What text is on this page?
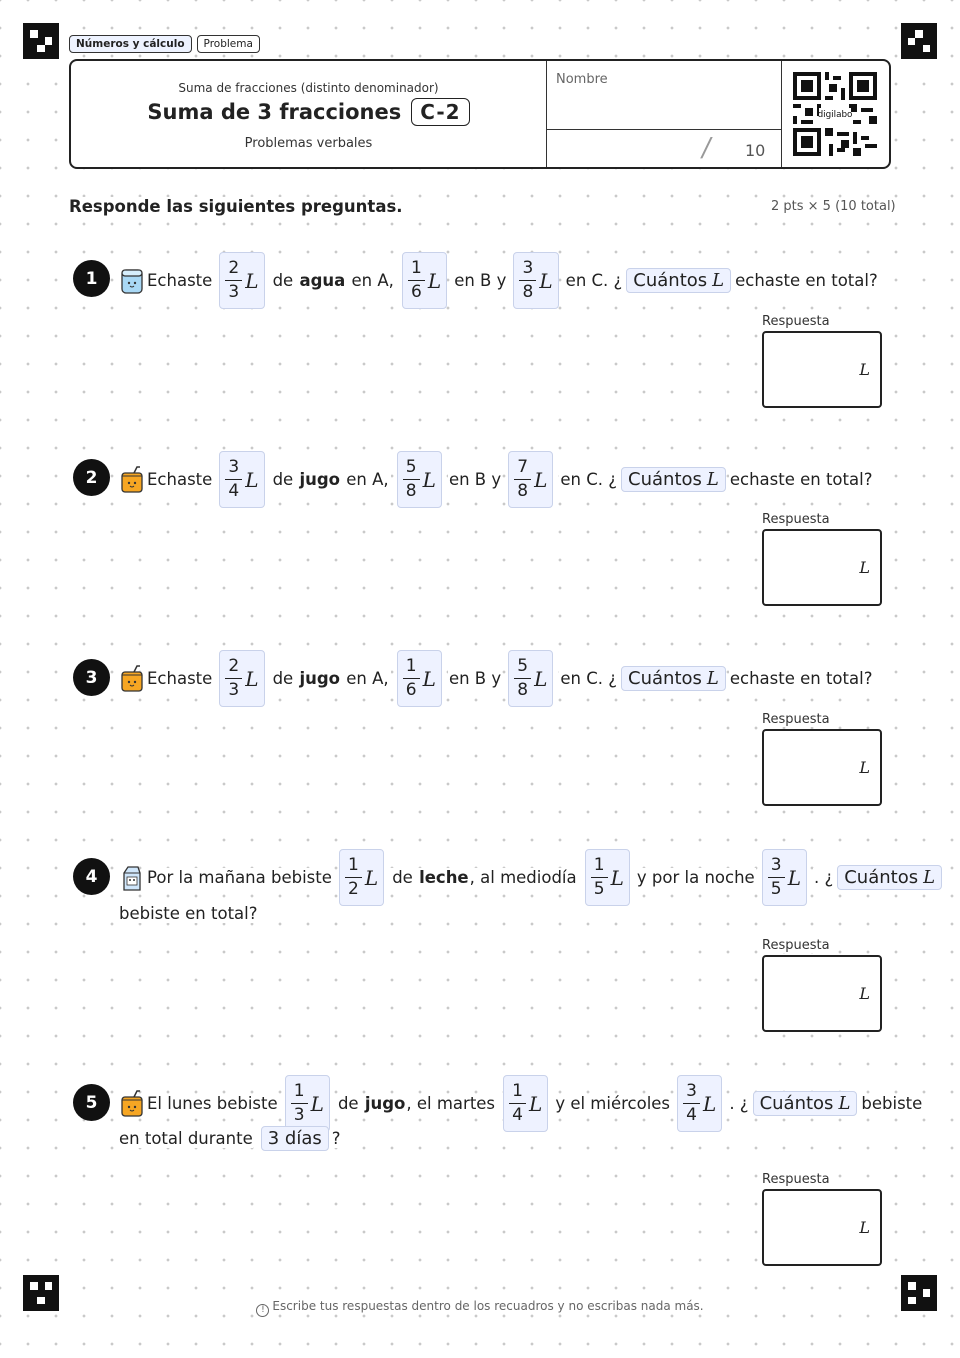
Números y cálculo	Problema
Suma de fracciones (distinto denominador)
Suma de 3 fracciones C-2
Problemas verbales
Nombre
/ 10
digilabo
Responde las siguientes preguntas.	2 pts × 5 (10 total)
1	Echaste $\frac{2}{3}$ L de agua en A, $\frac{1}{6}$ L en B y $\frac{3}{8}$ L en C. ¿ Cuántos L echaste en total?
Respuesta
L
2	Echaste $\frac{3}{4}$ L de jugo en A, $\frac{5}{8}$ L en B y $\frac{7}{8}$ L en C. ¿ Cuántos L echaste en total?
Respuesta
L
3	Echaste $\frac{2}{3}$ L de jugo en A, $\frac{1}{6}$ L en B y $\frac{5}{8}$ L en C. ¿ Cuántos L echaste en total?
Respuesta
L
4	Por la mañana bebiste $\frac{1}{2}$ L de leche, al mediodía $\frac{1}{5}$ L y por la noche $\frac{3}{5}$ L . ¿ Cuántos L
bebiste en total?
Respuesta
L
5	El lunes bebiste $\frac{1}{3}$ L de jugo, el martes $\frac{1}{4}$ L y el miércoles $\frac{3}{4}$ L . ¿ Cuántos L bebiste
en total durante 3 días ?
Respuesta
L
! Escribe tus respuestas dentro de los recuadros y no escribas nada más.
